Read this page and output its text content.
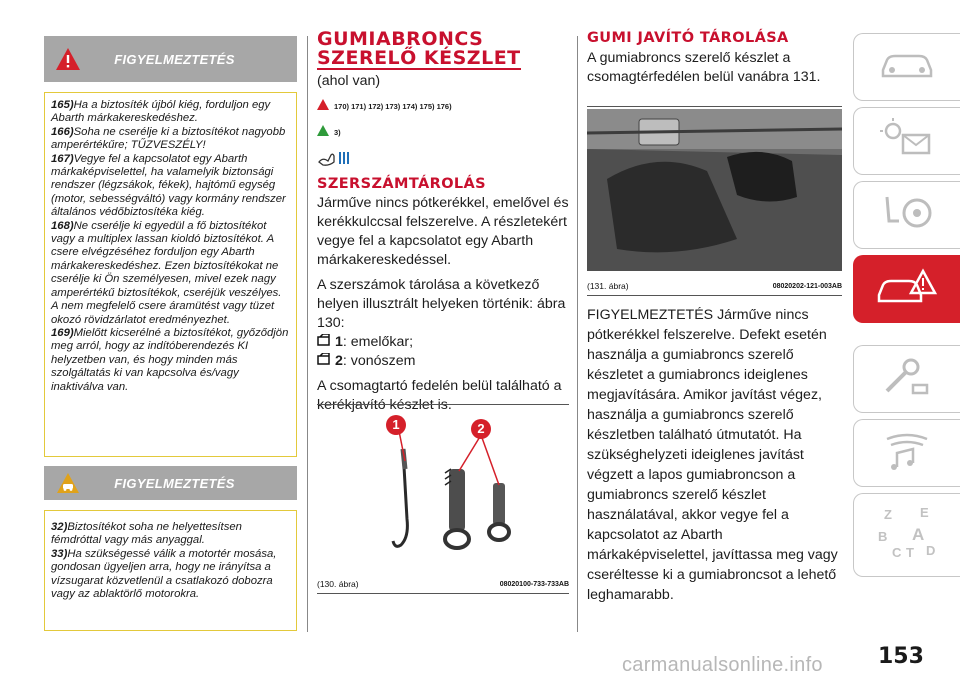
FIGYELMEZTETÉS

165)Ha a biztosíték újból kiég, forduljon egy Abarth márkakereskedéshez.

166)Soha ne cserélje ki a biztosítékot nagyobb amperértékűre; TŰZVESZÉLY!

167)Vegye fel a kapcsolatot egy Abarth márkaképviselettel, ha valamelyik biztonsági rendszer (légzsákok, fékek), hajtómű egység (motor, sebességváltó) vagy kormány rendszer általános védőbiztosítéka kiég.

168)Ne cserélje ki egyedül a fő biztosítékot vagy a multiplex lassan kioldó biztosítékot. A csere elvégzéséhez forduljon egy Abarth márkakereskedéshez. Ezen biztosítékokat ne cserélje ki Ön személyesen, mivel ezek nagy amperértékű biztosítékok, cseréjük veszélyes. A nem megfelelő csere áramütést vagy tüzet okozó rövidzárlatot eredményezhet.

169)Mielőtt kicserélné a biztosítékot, győződjön meg arról, hogy az indítóberendezés KI helyzetben van, és hogy minden más szolgáltatás ki van kapcsolva és/vagy inaktiválva van.

FIGYELMEZTETÉS

32)Biztosítékot soha ne helyettesítsen fémdróttal vagy más anyaggal.

33)Ha szükségessé válik a motortér mosása, gondosan ügyeljen arra, hogy ne irányítsa a vízsugarat közvetlenül a csatlakozó dobozra vagy az ablaktörlő motorokra.

GUMIABRONCS
SZERELŐ KÉSZLET
(ahol van)
170) 171) 172) 173) 174) 175) 176)
3)
SZERSZÁMTÁROLÁS
Járműve nincs pótkerékkel, emelővel és kerékkulccsal felszerelve. A részletekért vegye fel a kapcsolatot egy Abarth márkakereskedéssel.
A szerszámok tárolása a következő helyen illusztrált helyeken történik: ábra 130:
1 : emelőkar;
2 : vonószem
A csomagtartó fedelén belül található a kerékjavító készlet is.
1	2
(130. ábra)	08020100-733-733AB
GUMI JAVÍTÓ TÁROLÁSA
A gumiabroncs szerelő készlet a csomagtérfedélen belül vanábra 131.
(131. ábra)	08020202-121-003AB
FIGYELMEZTETÉS Járműve nincs pótkerékkel felszerelve. Defekt esetén használja a gumiabroncs szerelő készletet a gumiabroncs ideiglenes megjavítására. Amikor javítást végez, használja a gumiabroncs szerelő készletben található útmutatót. Ha szükséghelyzeti ideiglenes javítást végzett a lapos gumiabroncson a gumiabroncs szerelő készlet használatával, akkor vegye fel a kapcsolatot az Abarth márkaképviselettel, javíttassa meg vagy cseréltesse ki a gumiabroncsot a lehető leghamarabb.
Z E
B A
C T D
153
carmanualsonline.info
